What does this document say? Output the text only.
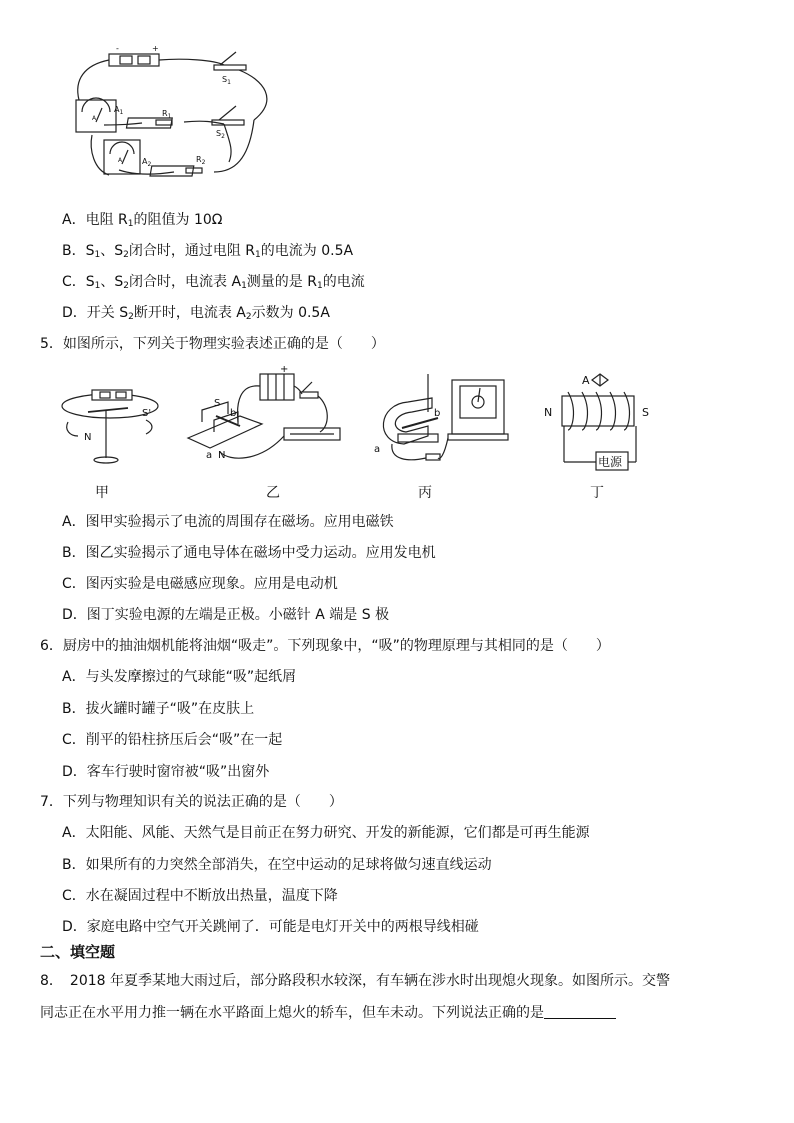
-	+
$S_1$
$A_1$
A
$R_1$
$S_2$
$A_2$
A	$R_2$
A．电阻 $R_1$的阻值为 10Ω
B．$S_1$、$S_2$闭合时，通过电阻 $R_1$的电流为 0.5A
C．$S_1$、$S_2$闭合时，电流表 $A_1$测量的是 $R_1$的电流
D．开关 $S_2$断开时，电流表 $A_2$示数为 0.5A
5．如图所示，下列关于物理实验表述正确的是（　　）
N
S'
+
S
b
a N
b
a
A
N	S
电源
甲	乙	丙	丁
A．图甲实验揭示了电流的周围存在磁场。应用电磁铁
B．图乙实验揭示了通电导体在磁场中受力运动。应用发电机
C．图丙实验是电磁感应现象。应用是电动机
D．图丁实验电源的左端是正极。小磁针 A 端是 S 极
6．厨房中的抽油烟机能将油烟“吸走”。下列现象中，“吸”的物理原理与其相同的是（　　）
A．与头发摩擦过的气球能“吸”起纸屑
B．拔火罐时罐子“吸”在皮肤上
C．削平的铅柱挤压后会“吸”在一起
D．客车行驶时窗帘被“吸”出窗外
7．下列与物理知识有关的说法正确的是（　　）
A．太阳能、风能、天然气是目前正在努力研究、开发的新能源，它们都是可再生能源
B．如果所有的力突然全部消失，在空中运动的足球将做匀速直线运动
C．水在凝固过程中不断放出热量，温度下降
D．家庭电路中空气开关跳闸了．可能是电灯开关中的两根导线相碰
二、填空题
8．　2018 年夏季某地大雨过后，部分路段积水较深，有车辆在涉水时出现熄火现象。如图所示。交警
同志正在水平用力推一辆在水平路面上熄火的轿车，但车未动。下列说法正确的是
